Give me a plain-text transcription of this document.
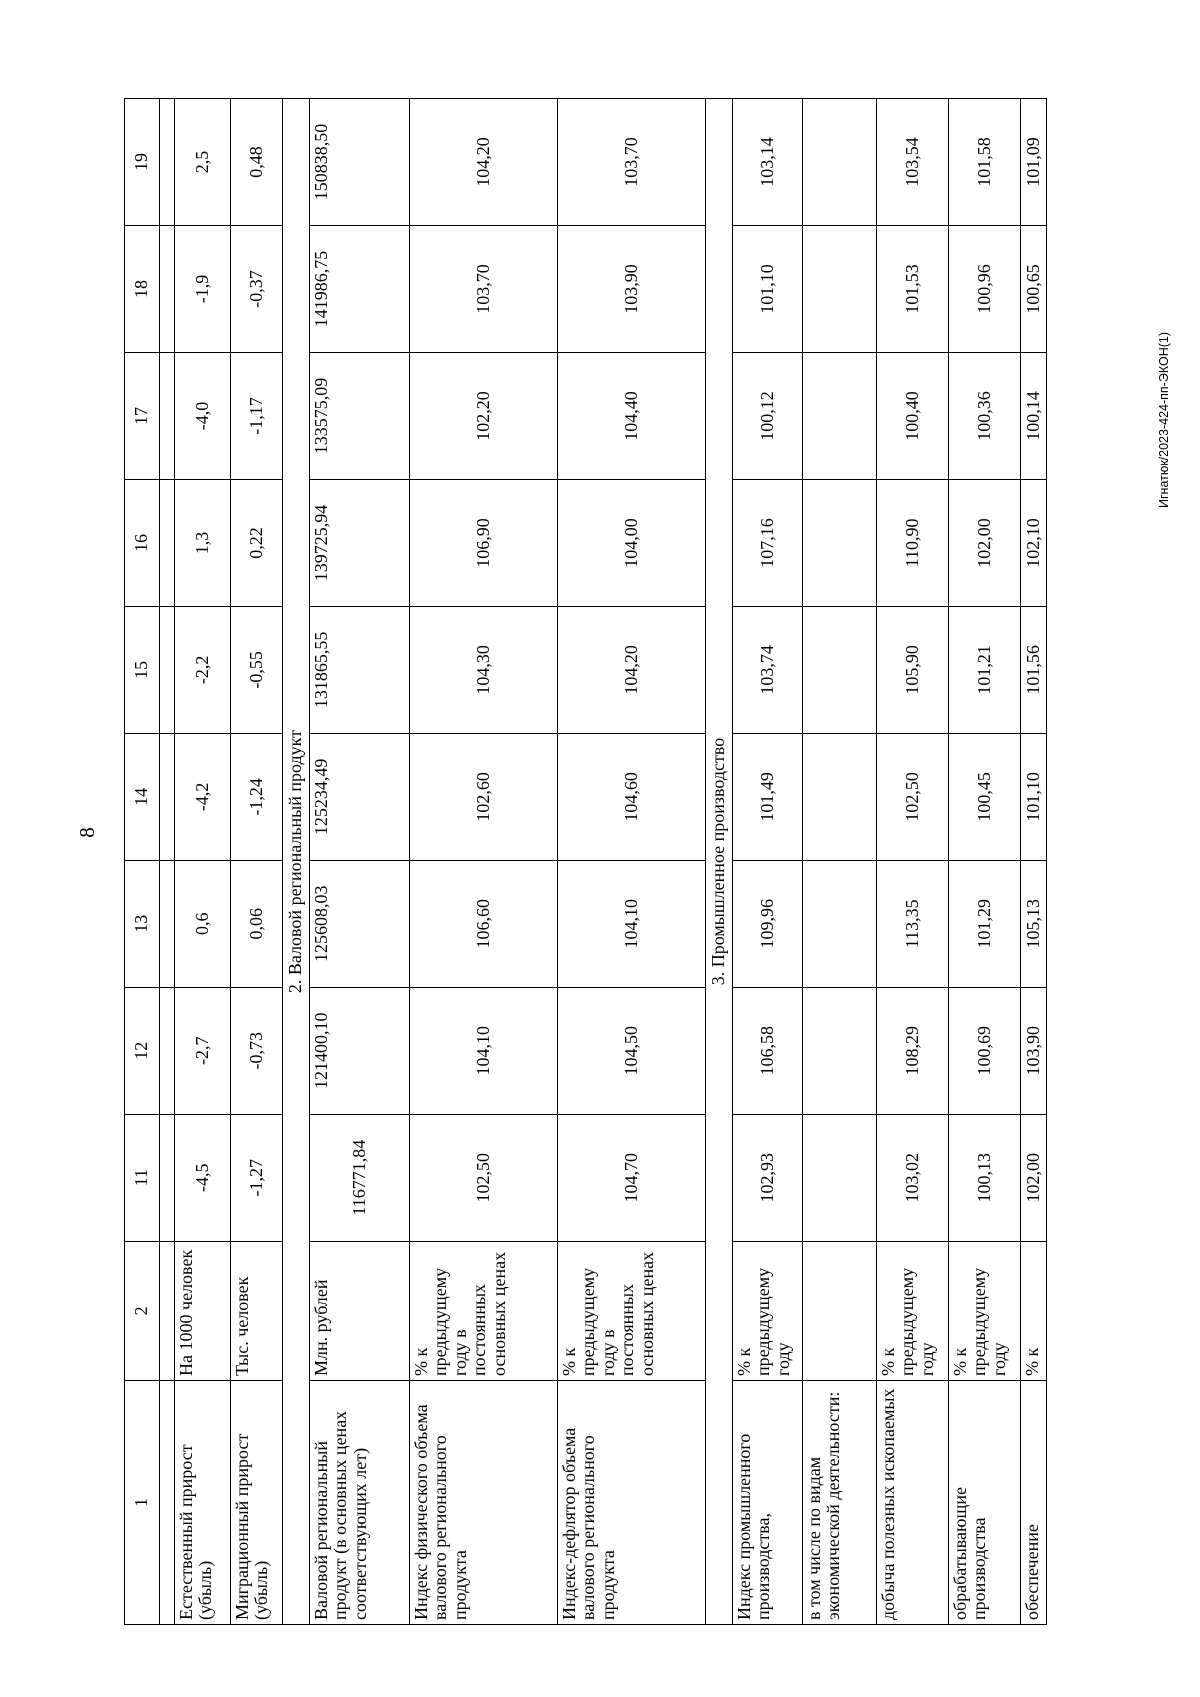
8
Игнатюк/2023-424-пп-ЭКОН(1)
1	2	11	12	13	14	15	16	17	18	19

Естественный прирост (убыль)	На 1000 человек	-4,5	-2,7	0,6	-4,2	-2,2	1,3	-4,0	-1,9	2,5
Миграционный прирост (убыль)	Тыс. человек	-1,27	-0,73	0,06	-1,24	-0,55	0,22	-1,17	-0,37	0,48
2. Валовой региональный продукт										
Валовой региональный продукт (в основных ценах соответствующих лет)	Млн. рублей	116771,84	121400,10	125608,03	125234,49	131865,55	139725,94	133575,09	141986,75	150838,50
Индекс физического объема валового регионального продукта	% к предыдущему году в постоянных основных ценах	102,50	104,10	106,60	102,60	104,30	106,90	102,20	103,70	104,20
Индекс-дефлятор объема валового регионального продукта	% к предыдущему году в постоянных основных ценах	104,70	104,50	104,10	104,60	104,20	104,00	104,40	103,90	103,70
3. Промышленное производство										
Индекс промышленного производства,	% к предыдущему году	102,93	106,58	109,96	101,49	103,74	107,16	100,12	101,10	103,14
в том числе по видам экономической деятельности:										
добыча полезных ископаемых	% к предыдущему году	103,02	108,29	113,35	102,50	105,90	110,90	100,40	101,53	103,54
обрабатывающие производства	% к предыдущему году	100,13	100,69	101,29	100,45	101,21	102,00	100,36	100,96	101,58
обеспечение	% к	102,00	103,90	105,13	101,10	101,56	102,10	100,14	100,65	101,09
